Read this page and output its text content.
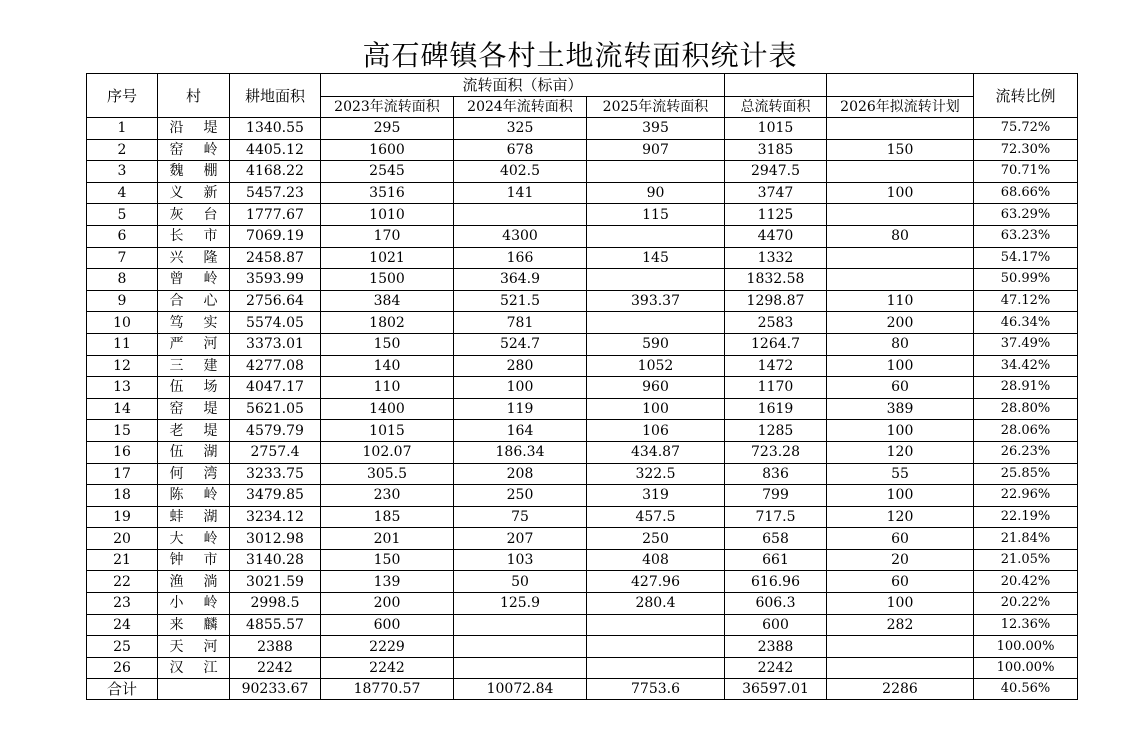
高石碑镇各村土地流转面积统计表
序号	村	耕地面积	流转面积（标亩）					流转比例
			2023年流转面积	2024年流转面积	2025年流转面积	总流转面积	2026年拟流转计划	
1	沿堤	1340.55	295	325	395	1015		75.72%
2	窑岭	4405.12	1600	678	907	3185	150	72.30%
3	魏棚	4168.22	2545	402.5		2947.5		70.71%
4	义新	5457.23	3516	141	90	3747	100	68.66%
5	灰台	1777.67	1010		115	1125		63.29%
6	长市	7069.19	170	4300		4470	80	63.23%
7	兴隆	2458.87	1021	166	145	1332		54.17%
8	曾岭	3593.99	1500	364.9		1832.58		50.99%
9	合心	2756.64	384	521.5	393.37	1298.87	110	47.12%
10	笃实	5574.05	1802	781		2583	200	46.34%
11	严河	3373.01	150	524.7	590	1264.7	80	37.49%
12	三建	4277.08	140	280	1052	1472	100	34.42%
13	伍场	4047.17	110	100	960	1170	60	28.91%
14	窑堤	5621.05	1400	119	100	1619	389	28.80%
15	老堤	4579.79	1015	164	106	1285	100	28.06%
16	伍湖	2757.4	102.07	186.34	434.87	723.28	120	26.23%
17	何湾	3233.75	305.5	208	322.5	836	55	25.85%
18	陈岭	3479.85	230	250	319	799	100	22.96%
19	蚌湖	3234.12	185	75	457.5	717.5	120	22.19%
20	大岭	3012.98	201	207	250	658	60	21.84%
21	钟市	3140.28	150	103	408	661	20	21.05%
22	渔淌	3021.59	139	50	427.96	616.96	60	20.42%
23	小岭	2998.5	200	125.9	280.4	606.3	100	20.22%
24	来麟	4855.57	600			600	282	12.36%
25	天河	2388	2229			2388		100.00%
26	汉江	2242	2242			2242		100.00%
合计		90233.67	18770.57	10072.84	7753.6	36597.01	2286	40.56%
